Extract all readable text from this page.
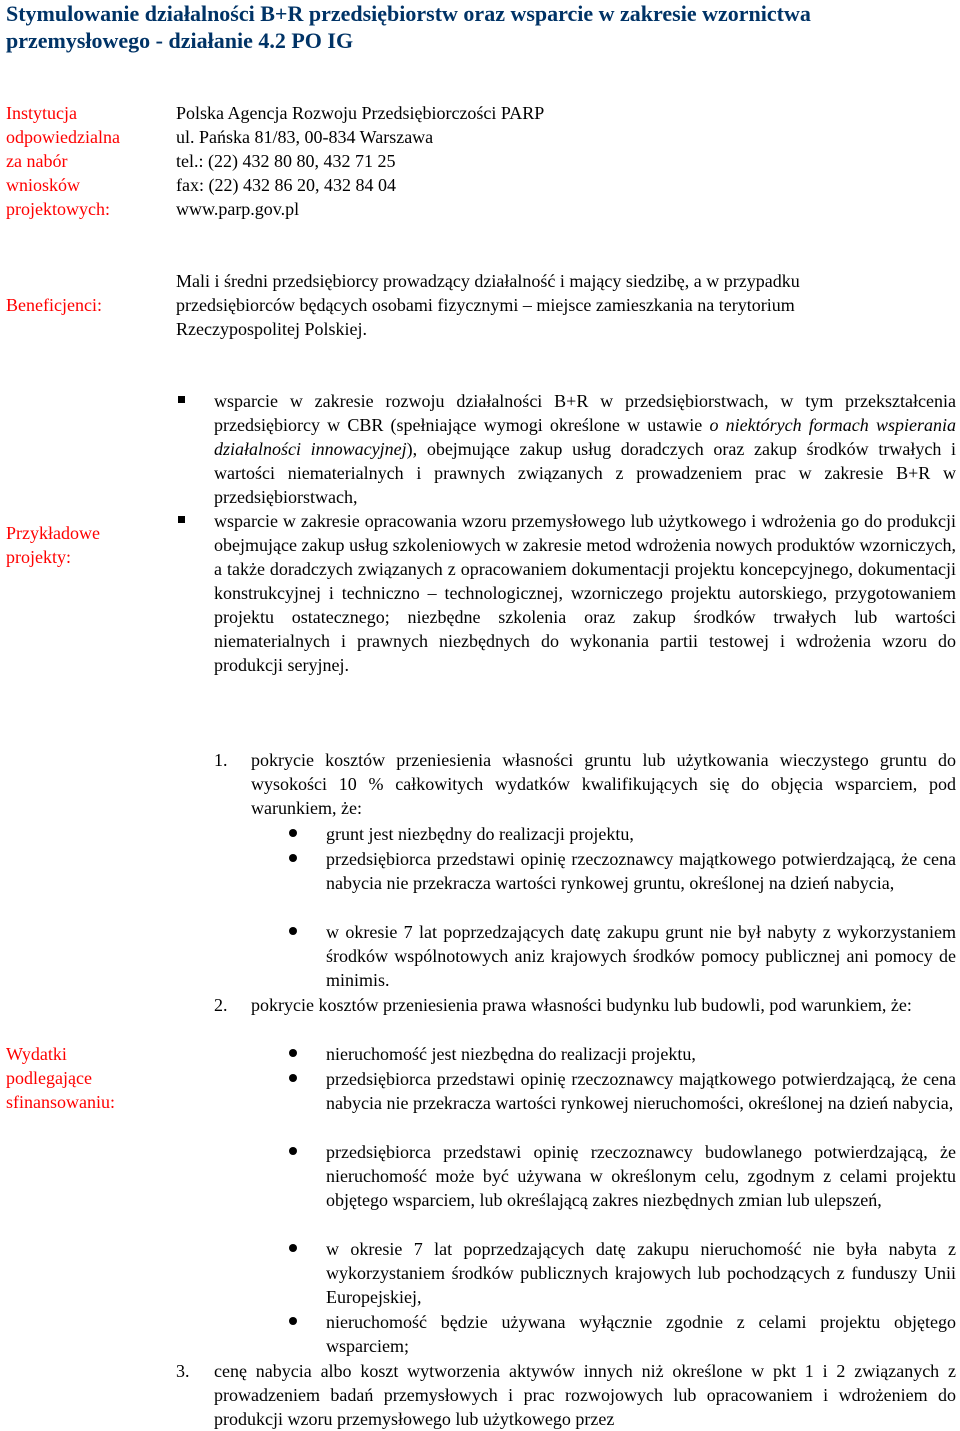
Stymulowanie działalności B+R przedsiębiorstw oraz wsparcie w zakresie wzornictwa
przemysłowego - działanie 4.2 PO IG
Instytucja
odpowiedzialna
za nabór
wniosków
projektowych:
Polska Agencja Rozwoju Przedsiębiorczości PARP
ul. Pańska 81/83, 00-834 Warszawa
tel.: (22) 432 80 80, 432 71 25
fax: (22) 432 86 20, 432 84 04
www.parp.gov.pl
Beneficjenci:
Mali i średni przedsiębiorcy prowadzący działalność i mający siedzibę, a w przypadku przedsiębiorców będących osobami fizycznymi – miejsce zamieszkania na terytorium Rzeczypospolitej Polskiej.
Przykładowe
projekty:
wsparcie w zakresie rozwoju działalności B+R w przedsiębiorstwach, w tym przekształcenia przedsiębiorcy w CBR (spełniające wymogi określone w ustawie o niektórych formach wspierania działalności innowacyjnej), obejmujące zakup usług doradczych oraz zakup środków trwałych i wartości niematerialnych i prawnych związanych z prowadzeniem prac w zakresie B+R w przedsiębiorstwach,
wsparcie w zakresie opracowania wzoru przemysłowego lub użytkowego i wdrożenia go do produkcji obejmujące zakup usług szkoleniowych w zakresie metod wdrożenia nowych produktów wzorniczych, a także doradczych związanych z opracowaniem dokumentacji projektu koncepcyjnego, dokumentacji konstrukcyjnej i techniczno – technologicznej, wzorniczego projektu autorskiego, przygotowaniem projektu ostatecznego; niezbędne szkolenia oraz zakup środków trwałych lub wartości niematerialnych i prawnych niezbędnych do wykonania partii testowej i wdrożenia wzoru do produkcji seryjnej.
Wydatki
podlegające
sfinansowaniu:
1. pokrycie kosztów przeniesienia własności gruntu lub użytkowania wieczystego gruntu do wysokości 10 % całkowitych wydatków kwalifikujących się do objęcia wsparciem, pod warunkiem, że:
grunt jest niezbędny do realizacji projektu,
przedsiębiorca przedstawi opinię rzeczoznawcy majątkowego potwierdzającą, że cena nabycia nie przekracza wartości rynkowej gruntu, określonej na dzień nabycia,
w okresie 7 lat poprzedzających datę zakupu grunt nie był nabyty z wykorzystaniem środków wspólnotowych aniz krajowych środków pomocy publicznej ani pomocy de minimis.
2. pokrycie kosztów przeniesienia prawa własności budynku lub budowli, pod warunkiem, że:
nieruchomość jest niezbędna do realizacji projektu,
przedsiębiorca przedstawi opinię rzeczoznawcy majątkowego potwierdzającą, że cena nabycia nie przekracza wartości rynkowej nieruchomości, określonej na dzień nabycia,
przedsiębiorca przedstawi opinię rzeczoznawcy budowlanego potwierdzającą, że nieruchomość może być używana w określonym celu, zgodnym z celami projektu objętego wsparciem, lub określającą zakres niezbędnych zmian lub ulepszeń,
w okresie 7 lat poprzedzających datę zakupu nieruchomość nie była nabyta z wykorzystaniem środków publicznych krajowych lub pochodzących z funduszy Unii Europejskiej,
nieruchomość będzie używana wyłącznie zgodnie z celami projektu objętego wsparciem;
3. cenę nabycia albo koszt wytworzenia aktywów innych niż określone w pkt 1 i 2 związanych z prowadzeniem badań przemysłowych i prac rozwojowych lub opracowaniem i wdrożeniem do produkcji wzoru przemysłowego lub użytkowego przez
